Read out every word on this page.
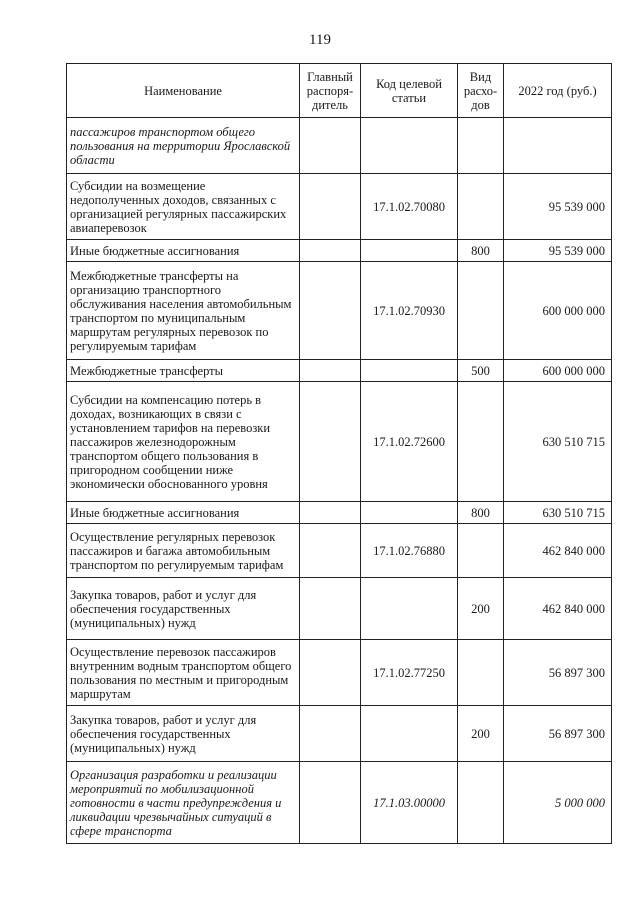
119
Наименование	Главный распоря-дитель	Код целевой статьи	Вид расхо-дов	2022 год (руб.)
пассажиров транспортом общего пользования на территории Ярославской области				
Субсидии на возмещение недополученных доходов, связанных с организацией регулярных пассажирских авиаперевозок		17.1.02.70080		95 539 000
Иные бюджетные ассигнования			800	95 539 000
Межбюджетные трансферты на организацию транспортного обслуживания населения автомобильным транспортом по муниципальным маршрутам регулярных перевозок по регулируемым тарифам		17.1.02.70930		600 000 000
Межбюджетные трансферты			500	600 000 000
Субсидии на компенсацию потерь в доходах, возникающих в связи с установлением тарифов на перевозки пассажиров железнодорожным транспортом общего пользования в пригородном сообщении ниже экономически обоснованного уровня		17.1.02.72600		630 510 715
Иные бюджетные ассигнования			800	630 510 715
Осуществление регулярных перевозок пассажиров и багажа автомобильным транспортом по регулируемым тарифам		17.1.02.76880		462 840 000
Закупка товаров, работ и услуг для обеспечения государственных (муниципальных) нужд			200	462 840 000
Осуществление перевозок пассажиров внутренним водным транспортом общего пользования по местным и пригородным маршрутам		17.1.02.77250		56 897 300
Закупка товаров, работ и услуг для обеспечения государственных (муниципальных) нужд			200	56 897 300
Организация разработки и реализации мероприятий по мобилизационной готовности в части предупреждения и ликвидации чрезвычайных ситуаций в сфере транспорта		17.1.03.00000		5 000 000
